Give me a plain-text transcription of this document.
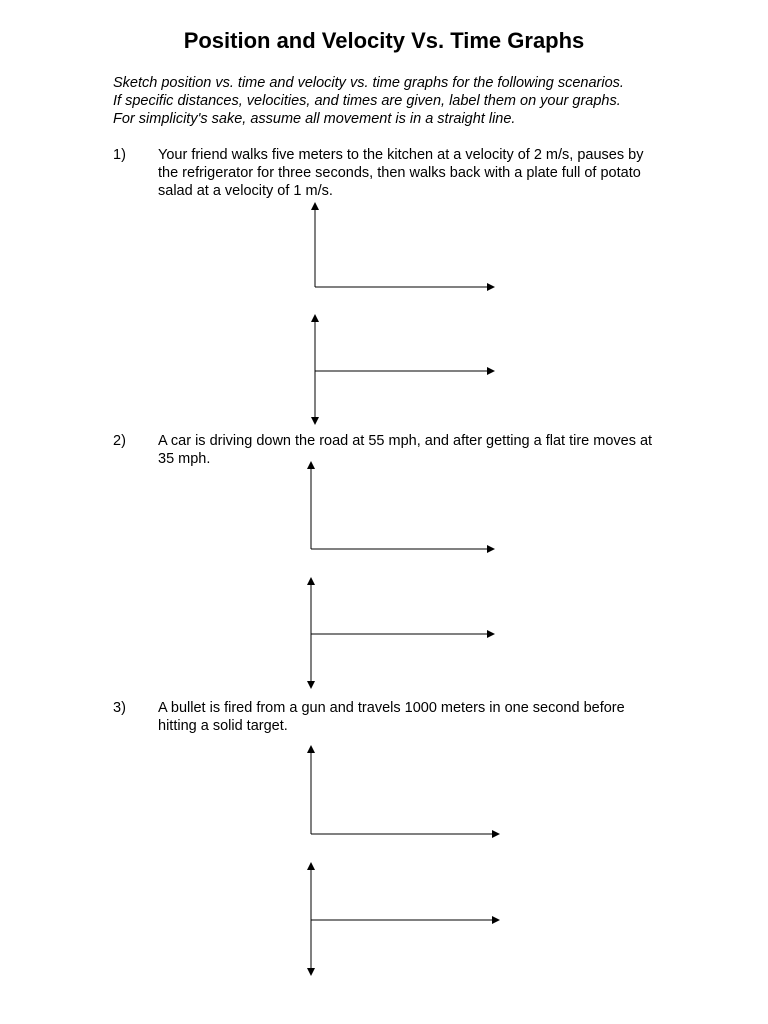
Position and Velocity Vs. Time Graphs
Sketch position vs. time and velocity vs. time graphs for the following scenarios.
If specific distances, velocities, and times are given, label them on your graphs.
For simplicity's sake, assume all movement is in a straight line.
1) Your friend walks five meters to the kitchen at a velocity of 2 m/s, pauses by the refrigerator for three seconds, then walks back with a plate full of potato salad at a velocity of 1 m/s.
2) A car is driving down the road at 55 mph, and after getting a flat tire moves at 35 mph.
3) A bullet is fired from a gun and travels 1000 meters in one second before hitting a solid target.
